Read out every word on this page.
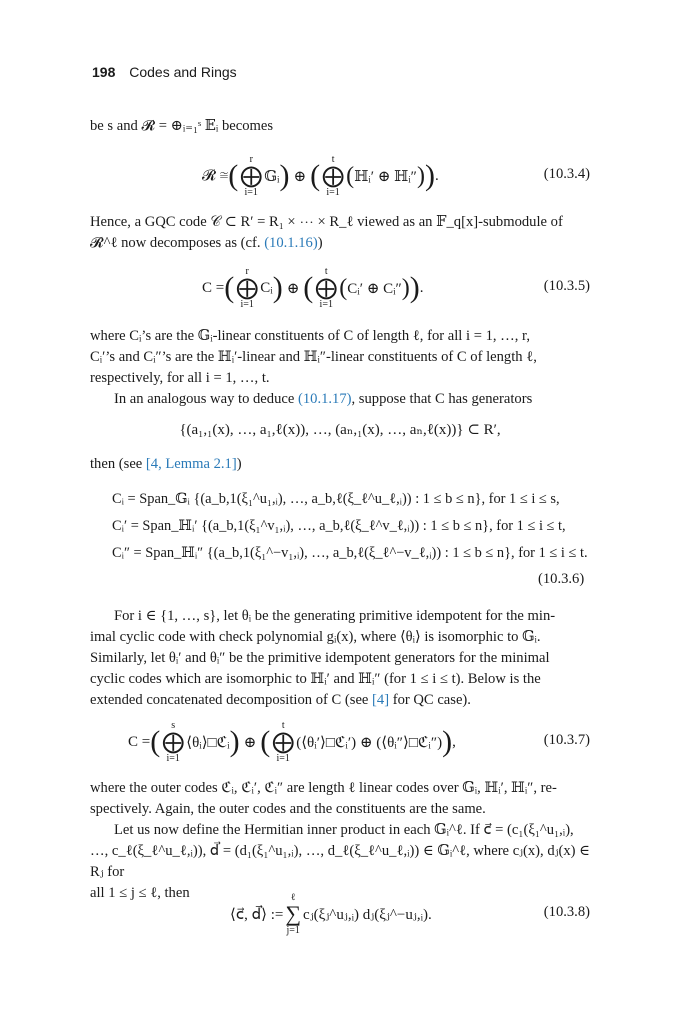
198 Codes and Rings
be s and 𝓡 = ⊕ᵢ₌₁ˢ 𝔼ᵢ becomes
𝓡 ≅ ( r
⨁
i=1
𝔾ᵢ ) ⊕ ( t
⨁
i=1
( ℍᵢ′ ⊕ ℍᵢ″ ) ) .	(10.3.4)
Hence, a GQC code 𝒞 ⊂ R′ = R₁ × ⋯ × R_ℓ viewed as an 𝔽_q[x]-submodule of
𝓡^ℓ now decomposes as (cf. (10.1.16))
C = ( r
⨁
i=1
Cᵢ ) ⊕ ( t
⨁
i=1
( Cᵢ′ ⊕ Cᵢ″ ) ) .	(10.3.5)
where Cᵢ’s are the 𝔾ᵢ-linear constituents of C of length ℓ, for all i = 1, …, r,
Cᵢ′’s and Cᵢ″’s are the ℍᵢ′-linear and ℍᵢ″-linear constituents of C of length ℓ,
respectively, for all i = 1, …, t.
In an analogous way to deduce (10.1.17), suppose that C has generators
{(a₁,₁(x), …, a₁,ℓ(x)), …, (aₙ,₁(x), …, aₙ,ℓ(x))} ⊂ R′,
then (see [4, Lemma 2.1])
Cᵢ = Span_𝔾ᵢ {(a_b,1(ξ₁^u₁,ᵢ), …, a_b,ℓ(ξ_ℓ^u_ℓ,ᵢ)) : 1 ≤ b ≤ n}, for 1 ≤ i ≤ s,
Cᵢ′ = Span_ℍᵢ′ {(a_b,1(ξ₁^v₁,ᵢ), …, a_b,ℓ(ξ_ℓ^v_ℓ,ᵢ)) : 1 ≤ b ≤ n}, for 1 ≤ i ≤ t,
Cᵢ″ = Span_ℍᵢ″ {(a_b,1(ξ₁^−v₁,ᵢ), …, a_b,ℓ(ξ_ℓ^−v_ℓ,ᵢ)) : 1 ≤ b ≤ n}, for 1 ≤ i ≤ t.
(10.3.6)
For i ∈ {1, …, s}, let θᵢ be the generating primitive idempotent for the min-
imal cyclic code with check polynomial gᵢ(x), where ⟨θᵢ⟩ is isomorphic to 𝔾ᵢ.
Similarly, let θᵢ′ and θᵢ″ be the primitive idempotent generators for the minimal
cyclic codes which are isomorphic to ℍᵢ′ and ℍᵢ″ (for 1 ≤ i ≤ t). Below is the
extended concatenated decomposition of C (see [4] for QC case).
C = ( s
⨁
i=1
⟨θᵢ⟩□ℭᵢ ) ⊕ ( t
⨁
i=1
(⟨θᵢ′⟩□ℭᵢ′) ⊕ (⟨θᵢ″⟩□ℭᵢ″) ) ,	(10.3.7)
where the outer codes ℭᵢ, ℭᵢ′, ℭᵢ″ are length ℓ linear codes over 𝔾ᵢ, ℍᵢ′, ℍᵢ″, re-
spectively. Again, the outer codes and the constituents are the same.
Let us now define the Hermitian inner product in each 𝔾ᵢ^ℓ. If c⃗ = (c₁(ξ₁^u₁,ᵢ),
…, c_ℓ(ξ_ℓ^u_ℓ,ᵢ)), d⃗ = (d₁(ξ₁^u₁,ᵢ), …, d_ℓ(ξ_ℓ^u_ℓ,ᵢ)) ∈ 𝔾ᵢ^ℓ, where cⱼ(x), dⱼ(x) ∈ Rⱼ for
all 1 ≤ j ≤ ℓ, then
⟨c⃗, d⃗⟩ :=
ℓ
∑
j=1
cⱼ(ξⱼ^uⱼ,ᵢ) dⱼ(ξⱼ^−uⱼ,ᵢ).	(10.3.8)
